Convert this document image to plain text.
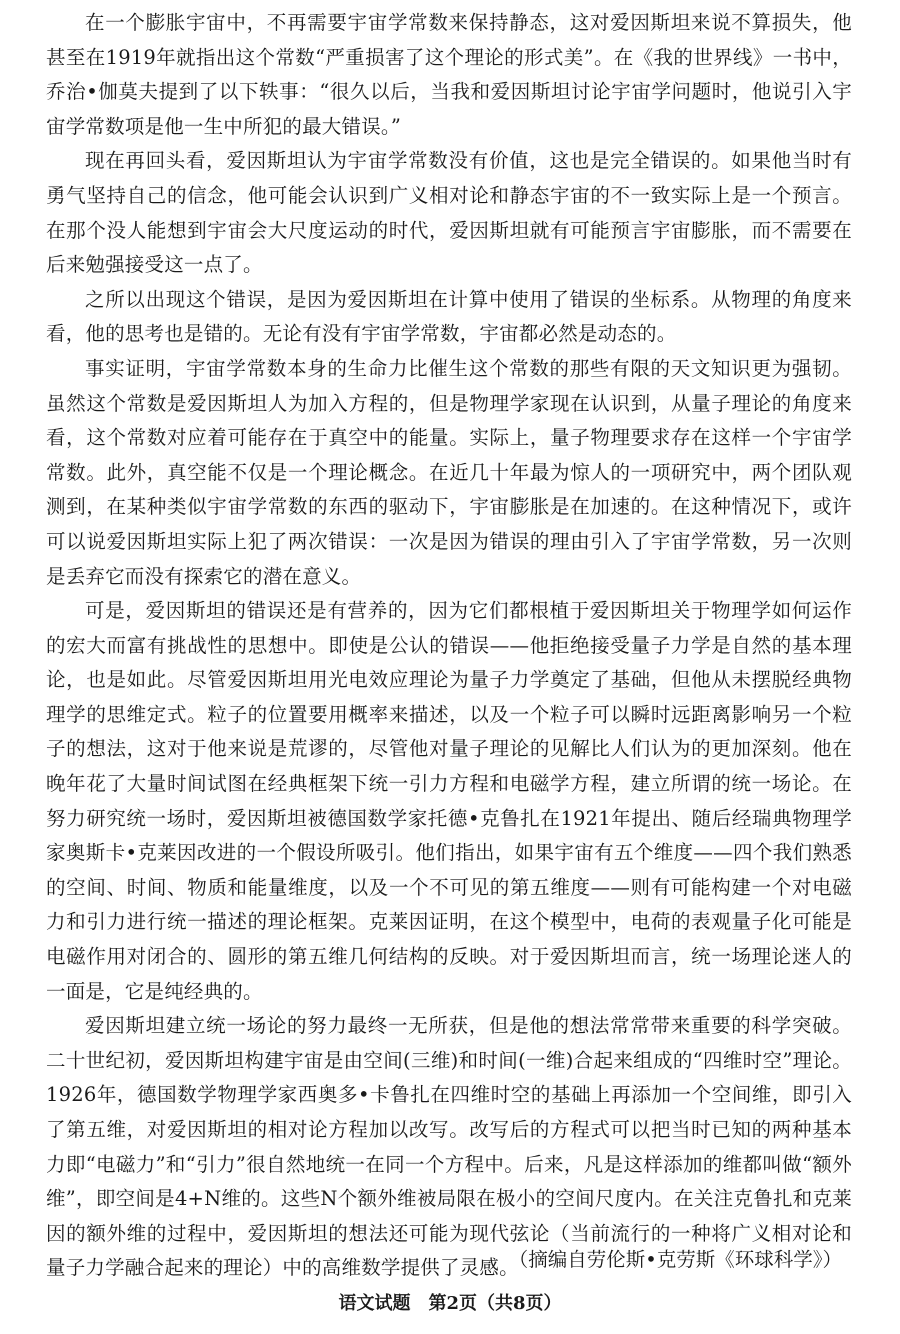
在一个膨胀宇宙中，不再需要宇宙学常数来保持静态，这对爱因斯坦来说不算损失，他甚至在1919年就指出这个常数“严重损害了这个理论的形式美”。在《我的世界线》一书中，乔治•伽莫夫提到了以下轶事：“很久以后，当我和爱因斯坦讨论宇宙学问题时，他说引入宇宙学常数项是他一生中所犯的最大错误。”

现在再回头看，爱因斯坦认为宇宙学常数没有价值，这也是完全错误的。如果他当时有勇气坚持自己的信念，他可能会认识到广义相对论和静态宇宙的不一致实际上是一个预言。在那个没人能想到宇宙会大尺度运动的时代，爱因斯坦就有可能预言宇宙膨胀，而不需要在后来勉强接受这一点了。

之所以出现这个错误，是因为爱因斯坦在计算中使用了错误的坐标系。从物理的角度来看，他的思考也是错的。无论有没有宇宙学常数，宇宙都必然是动态的。

事实证明，宇宙学常数本身的生命力比催生这个常数的那些有限的天文知识更为强韧。虽然这个常数是爱因斯坦人为加入方程的，但是物理学家现在认识到，从量子理论的角度来看，这个常数对应着可能存在于真空中的能量。实际上，量子物理要求存在这样一个宇宙学常数。此外，真空能不仅是一个理论概念。在近几十年最为惊人的一项研究中，两个团队观测到，在某种类似宇宙学常数的东西的驱动下，宇宙膨胀是在加速的。在这种情况下，或许可以说爱因斯坦实际上犯了两次错误：一次是因为错误的理由引入了宇宙学常数，另一次则是丢弃它而没有探索它的潜在意义。

可是，爱因斯坦的错误还是有营养的，因为它们都根植于爱因斯坦关于物理学如何运作的宏大而富有挑战性的思想中。即使是公认的错误——他拒绝接受量子力学是自然的基本理论，也是如此。尽管爱因斯坦用光电效应理论为量子力学奠定了基础，但他从未摆脱经典物理学的思维定式。粒子的位置要用概率来描述，以及一个粒子可以瞬时远距离影响另一个粒子的想法，这对于他来说是荒谬的，尽管他对量子理论的见解比人们认为的更加深刻。他在晚年花了大量时间试图在经典框架下统一引力方程和电磁学方程，建立所谓的统一场论。在努力研究统一场时，爱因斯坦被德国数学家托德•克鲁扎在1921年提出、随后经瑞典物理学家奥斯卡•克莱因改进的一个假设所吸引。他们指出，如果宇宙有五个维度——四个我们熟悉的空间、时间、物质和能量维度，以及一个不可见的第五维度——则有可能构建一个对电磁力和引力进行统一描述的理论框架。克莱因证明，在这个模型中，电荷的表观量子化可能是电磁作用对闭合的、圆形的第五维几何结构的反映。对于爱因斯坦而言，统一场理论迷人的一面是，它是纯经典的。

爱因斯坦建立统一场论的努力最终一无所获，但是他的想法常常带来重要的科学突破。二十世纪初，爱因斯坦构建宇宙是由空间(三维)和时间(一维)合起来组成的“四维时空”理论。1926年，德国数学物理学家西奥多•卡鲁扎在四维时空的基础上再添加一个空间维，即引入了第五维，对爱因斯坦的相对论方程加以改写。改写后的方程式可以把当时已知的两种基本力即“电磁力”和“引力”很自然地统一在同一个方程中。后来，凡是这样添加的维都叫做“额外维”，即空间是4+N维的。这些N个额外维被局限在极小的空间尺度内。在关注克鲁扎和克莱因的额外维的过程中，爱因斯坦的想法还可能为现代弦论（当前流行的一种将广义相对论和量子力学融合起来的理论）中的高维数学提供了灵感。

（摘编自劳伦斯•克劳斯《环球科学》）
语文试题　第2页（共8页）
